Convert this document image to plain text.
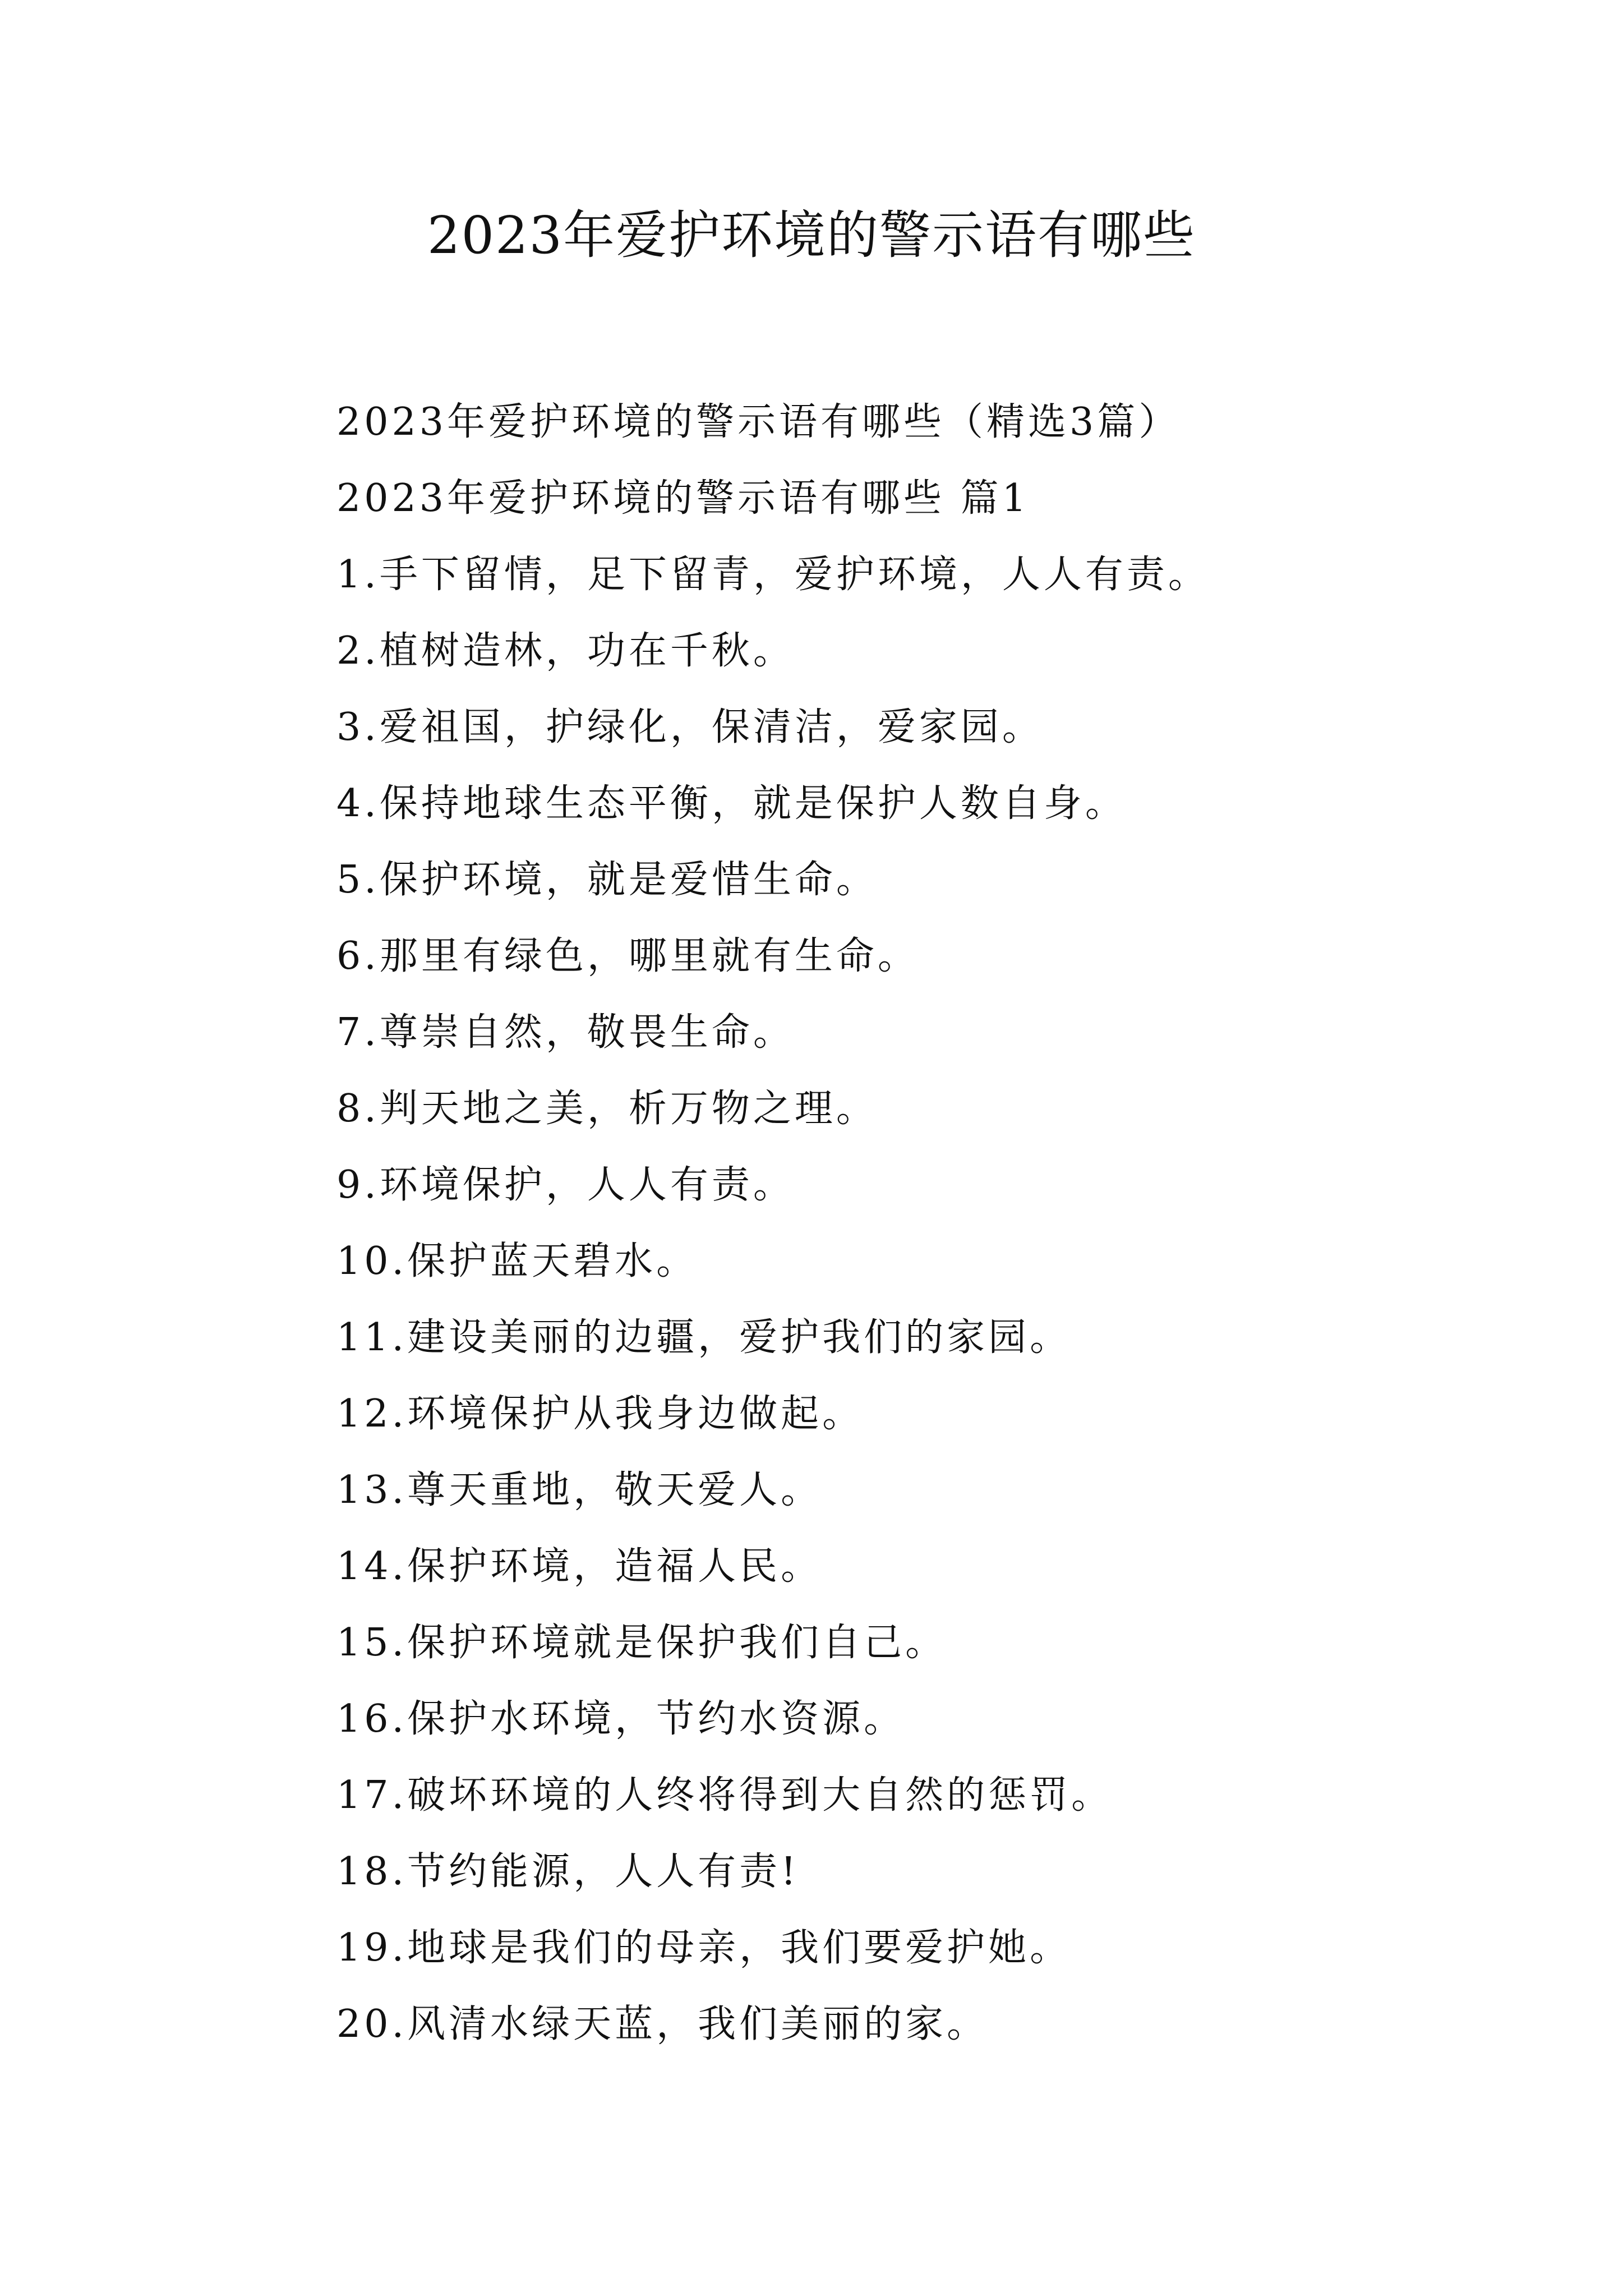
2023年爱护环境的警示语有哪些
2023年爱护环境的警示语有哪些（精选3篇）
2023年爱护环境的警示语有哪些 篇1
1.手下留情，足下留青，爱护环境，人人有责。
2.植树造林，功在千秋。
3.爱祖国，护绿化，保清洁，爱家园。
4.保持地球生态平衡，就是保护人数自身。
5.保护环境，就是爱惜生命。
6.那里有绿色，哪里就有生命。
7.尊崇自然，敬畏生命。
8.判天地之美，析万物之理。
9.环境保护，人人有责。
10.保护蓝天碧水。
11.建设美丽的边疆，爱护我们的家园。
12.环境保护从我身边做起。
13.尊天重地，敬天爱人。
14.保护环境，造福人民。
15.保护环境就是保护我们自己。
16.保护水环境，节约水资源。
17.破坏环境的人终将得到大自然的惩罚。
18.节约能源，人人有责!
19.地球是我们的母亲，我们要爱护她。
20.风清水绿天蓝，我们美丽的家。
